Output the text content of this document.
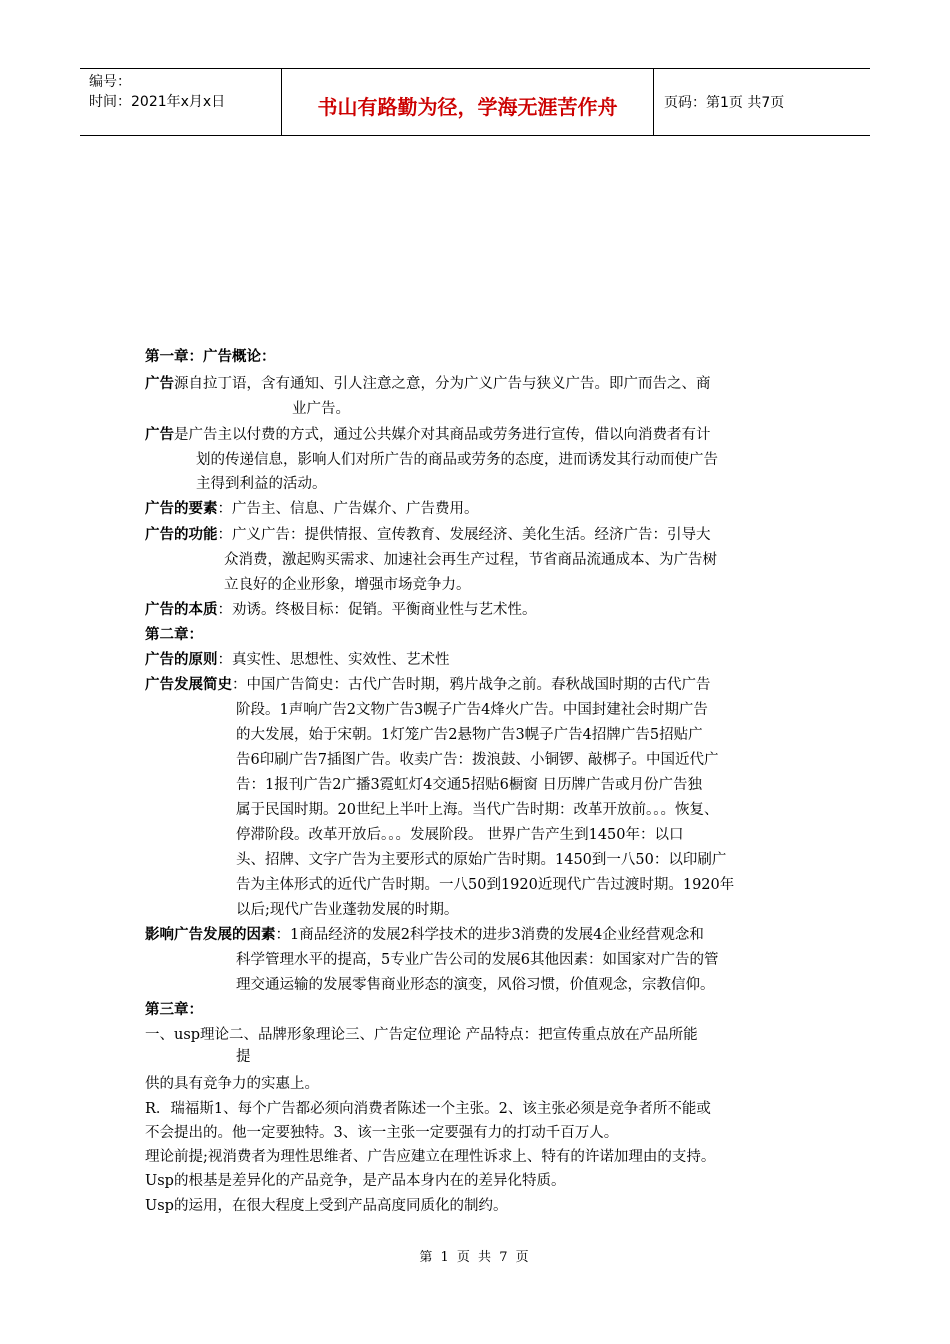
编号：
时间：2021年x月x日	书山有路勤为径，学海无涯苦作舟	页码：第1页 共7页
第一章：广告概论：
广告源自拉丁语，含有通知、引人注意之意，分为广义广告与狭义广告。即广而告之、商
业广告。
广告是广告主以付费的方式，通过公共媒介对其商品或劳务进行宣传，借以向消费者有计
划的传递信息，影响人们对所广告的商品或劳务的态度，进而诱发其行动而使广告
主得到利益的活动。
广告的要素：广告主、信息、广告媒介、广告费用。
广告的功能：广义广告：提供情报、宣传教育、发展经济、美化生活。经济广告：引导大
众消费，激起购买需求、加速社会再生产过程，节省商品流通成本、为广告树
立良好的企业形象，增强市场竞争力。
广告的本质：劝诱。终极目标：促销。平衡商业性与艺术性。
第二章：
广告的原则：真实性、思想性、实效性、艺术性
广告发展简史：中国广告简史：古代广告时期，鸦片战争之前。春秋战国时期的古代广告
阶段。1声响广告2文物广告3幌子广告4烽火广告。中国封建社会时期广告
的大发展，始于宋朝。1灯笼广告2悬物广告3幌子广告4招牌广告5招贴广
告6印刷广告7插图广告。收卖广告：拨浪鼓、小铜锣、敲梆子。中国近代广
告：1报刊广告2广播3霓虹灯4交通5招贴6橱窗 日历牌广告或月份广告独
属于民国时期。20世纪上半叶上海。当代广告时期：改革开放前。。。恢复、
停滞阶段。改革开放后。。。发展阶段。 世界广告产生到1450年：以口
头、招牌、文字广告为主要形式的原始广告时期。1450到一八50：以印刷广
告为主体形式的近代广告时期。一八50到1920近现代广告过渡时期。1920年
以后;现代广告业蓬勃发展的时期。
影响广告发展的因素：1商品经济的发展2科学技术的进步3消费的发展4企业经营观念和
科学管理水平的提高，5专业广告公司的发展6其他因素：如国家对广告的管
理交通运输的发展零售商业形态的演变，风俗习惯，价值观念，宗教信仰。
第三章：
一、usp理论二、品牌形象理论三、广告定位理论 产品特点：把宣传重点放在产品所能
提
供的具有竞争力的实惠上。
R．瑞福斯1、每个广告都必须向消费者陈述一个主张。2、该主张必须是竞争者所不能或
不会提出的。他一定要独特。3、该一主张一定要强有力的打动千百万人。
理论前提;视消费者为理性思维者、广告应建立在理性诉求上、特有的许诺加理由的支持。
Usp的根基是差异化的产品竞争，是产品本身内在的差异化特质。
Usp的运用，在很大程度上受到产品高度同质化的制约。
第 1 页 共 7 页
